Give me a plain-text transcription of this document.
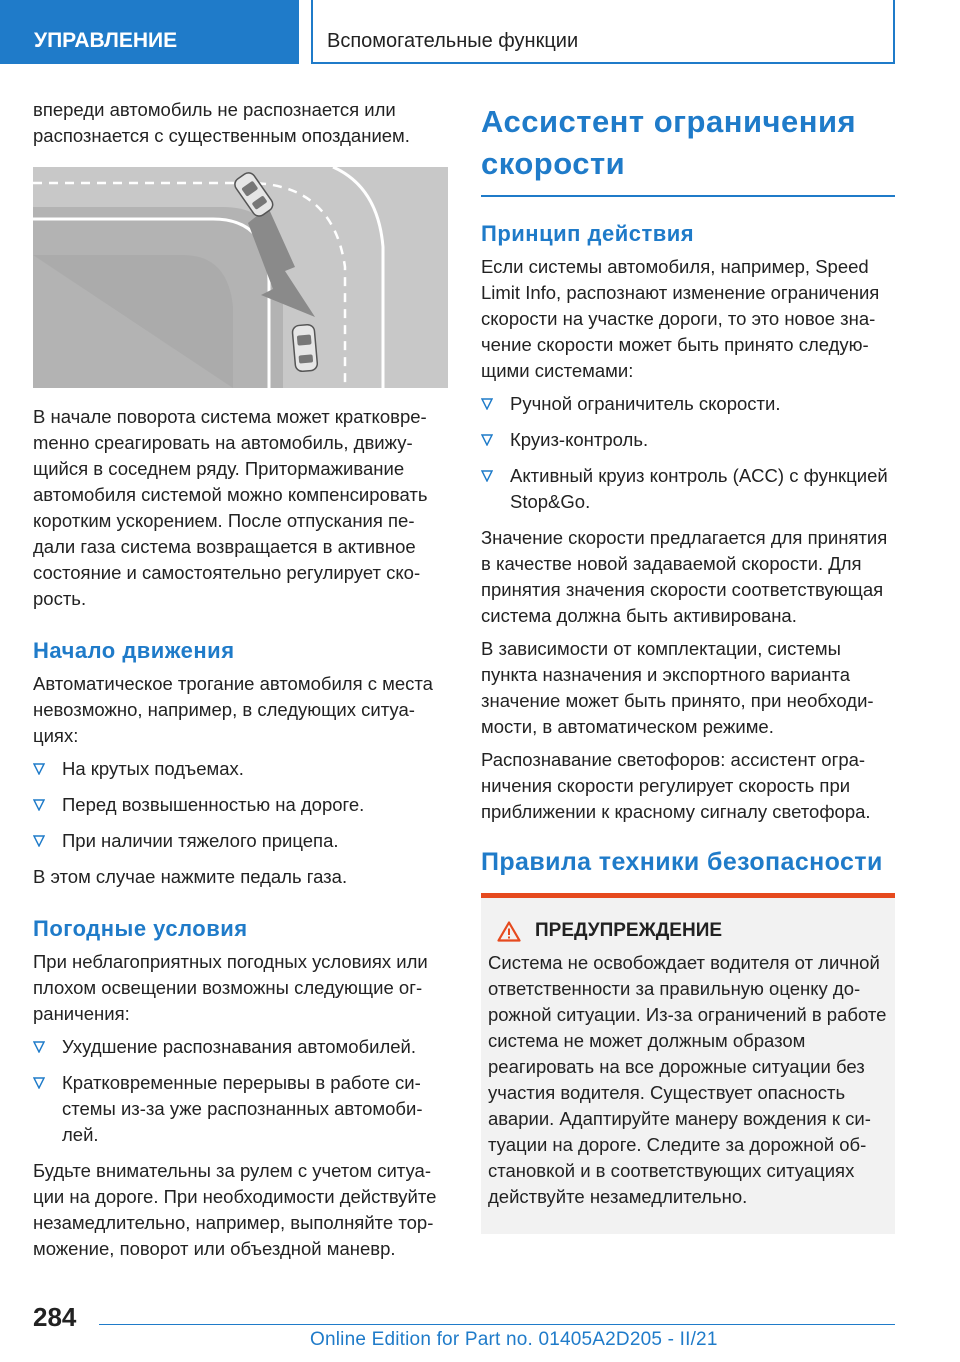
УПРАВЛЕНИЕ	Вспомогательные функции

впереди автомобиль не распознается или распознается с существенным опозданием.

В начале поворота система может кратковреmенно среагировать на автомобиль, движущийся в соседнем ряду. Притормаживание автомобиля системой можно компенсировать коротким ускорением. После отпускания педали газа система возвращается в активное состояние и самостоятельно регулирует скорость.

Начало движения

Автоматическое трогание автомобиля с места невозможно, например, в следующих ситуациях:

На крутых подъемах.
Перед возвышенностью на дороге.
При наличии тяжелого прицепа.

В этом случае нажмите педаль газа.

Погодные условия

При неблагоприятных погодных условиях или плохом освещении возможны следующие ограничения:

Ухудшение распознавания автомобилей.
Кратковременные перерывы в работе системы из-за уже распознанных автомобилей.

Будьте внимательны за рулем с учетом ситуации на дороге. При необходимости действуйте незамедлительно, например, выполняйте торможение, поворот или объездной маневр.

Ассистент ограничения скорости
Принцип действия

Если системы автомобиля, например, Speed Limit Info, распознают изменение ограничения скорости на участке дороги, то это новое значение скорости может быть принято следующими системами:

Ручной ограничитель скорости.
Круиз-контроль.
Активный круиз контроль (ACC) с функцией Stop&Go.

Значение скорости предлагается для принятия в качестве новой задаваемой скорости. Для принятия значения скорости соответствующая система должна быть активирована.

В зависимости от комплектации, системы пункта назначения и экспортного варианта значение может быть принято, при необходимости, в автоматическом режиме.

Распознавание светофоров: ассистент ограничения скорости регулирует скорость при приближении к красному сигналу светофора.

Правила техники безопасности
ПРЕДУПРЕЖДЕНИЕ

Система не освобождает водителя от личной ответственности за правильную оценку дорожной ситуации. Из-за ограничений в работе система не может должным образом реагировать на все дорожные ситуации без участия водителя. Существует опасность аварии. Адаптируйте манеру вождения к ситуации на дороге. Следите за дорожной обстановкой и в соответствующих ситуациях действуйте незамедлительно.

284
Online Edition for Part no. 01405A2D205 - II/21
